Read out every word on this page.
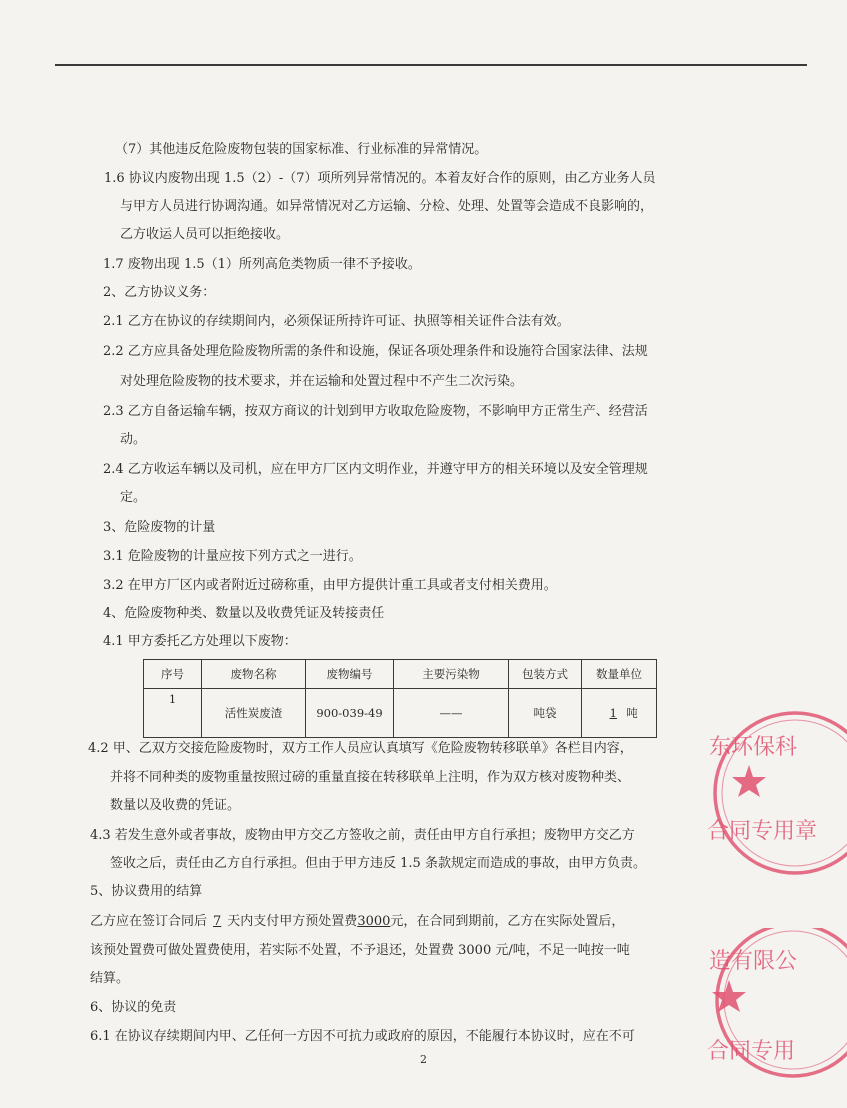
（7）其他违反危险废物包装的国家标准、行业标准的异常情况。
1.6 协议内废物出现 1.5（2）-（7）项所列异常情况的。本着友好合作的原则，由乙方业务人员
与甲方人员进行协调沟通。如异常情况对乙方运输、分检、处理、处置等会造成不良影响的，
乙方收运人员可以拒绝接收。
1.7 废物出现 1.5（1）所列高危类物质一律不予接收。
2、乙方协议义务：
2.1 乙方在协议的存续期间内，必须保证所持许可证、执照等相关证件合法有效。
2.2 乙方应具备处理危险废物所需的条件和设施，保证各项处理条件和设施符合国家法律、法规
对处理危险废物的技术要求，并在运输和处置过程中不产生二次污染。
2.3 乙方自备运输车辆，按双方商议的计划到甲方收取危险废物，不影响甲方正常生产、经营活
动。
2.4 乙方收运车辆以及司机，应在甲方厂区内文明作业，并遵守甲方的相关环境以及安全管理规
定。
3、危险废物的计量
3.1 危险废物的计量应按下列方式之一进行。
3.2 在甲方厂区内或者附近过磅称重，由甲方提供计重工具或者支付相关费用。
4、危险废物种类、数量以及收费凭证及转接责任
4.1 甲方委托乙方处理以下废物：
序号	废物名称	废物编号	主要污染物	包装方式	数量单位
1	活性炭废渣	900-039-49	——	吨袋	1 吨
4.2 甲、乙双方交接危险废物时，双方工作人员应认真填写《危险废物转移联单》各栏目内容，
并将不同种类的废物重量按照过磅的重量直接在转移联单上注明，作为双方核对废物种类、
数量以及收费的凭证。
4.3 若发生意外或者事故，废物由甲方交乙方签收之前，责任由甲方自行承担；废物甲方交乙方
签收之后，责任由乙方自行承担。但由于甲方违反 1.5 条款规定而造成的事故，由甲方负责。
5、协议费用的结算
乙方应在签订合同后 7 天内支付甲方预处置费3000元，在合同到期前，乙方在实际处置后，
该预处置费可做处置费使用，若实际不处置，不予退还，处置费 3000 元/吨，不足一吨按一吨
结算。
6、协议的免责
6.1 在协议存续期间内甲、乙任何一方因不可抗力或政府的原因，不能履行本协议时，应在不可
2
东环保科
合同专用章
造有限公
合同专用
